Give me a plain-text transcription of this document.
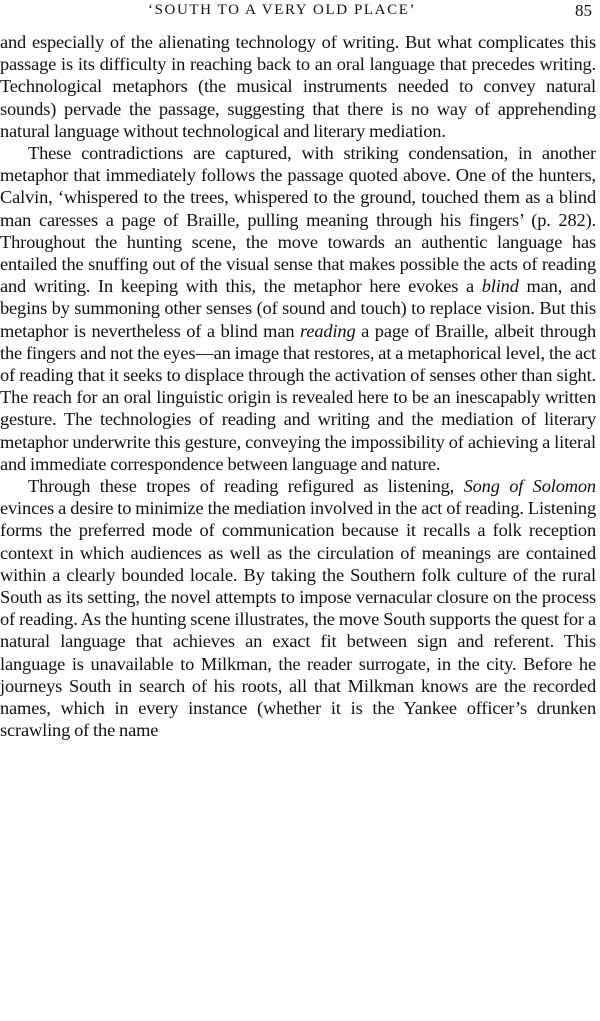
‘SOUTH TO A VERY OLD PLACE’	85

and especially of the alienating technology of writing. But what complicates this passage is its difficulty in reaching back to an oral language that precedes writing. Technological metaphors (the musical instruments needed to convey natural sounds) pervade the passage, suggesting that there is no way of apprehending natural language without technological and literary mediation.

These contradictions are captured, with striking condensation, in another metaphor that immediately follows the passage quoted above. One of the hunters, Calvin, ‘whispered to the trees, whispered to the ground, touched them as a blind man caresses a page of Braille, pulling meaning through his fingers’ (p. 282). Throughout the hunting scene, the move towards an authentic language has entailed the snuffing out of the visual sense that makes possible the acts of reading and writing. In keeping with this, the metaphor here evokes a blind man, and begins by summoning other senses (of sound and touch) to replace vision. But this metaphor is nevertheless of a blind man reading a page of Braille, albeit through the fingers and not the eyes—an image that restores, at a metaphorical level, the act of reading that it seeks to displace through the activation of senses other than sight. The reach for an oral linguistic origin is revealed here to be an inescapably written gesture. The technologies of reading and writing and the mediation of literary metaphor underwrite this gesture, conveying the impossibility of achieving a literal and immediate correspondence between language and nature.

Through these tropes of reading refigured as listening, Song of Solomon evinces a desire to minimize the mediation involved in the act of reading. Listening forms the preferred mode of communication because it recalls a folk reception context in which audiences as well as the circulation of meanings are contained within a clearly bounded locale. By taking the Southern folk culture of the rural South as its setting, the novel attempts to impose vernacular closure on the process of reading. As the hunting scene illustrates, the move South supports the quest for a natural language that achieves an exact fit between sign and referent. This language is unavailable to Milkman, the reader surrogate, in the city. Before he journeys South in search of his roots, all that Milkman knows are the recorded names, which in every instance (whether it is the Yankee officer’s drunken scrawling of the name
